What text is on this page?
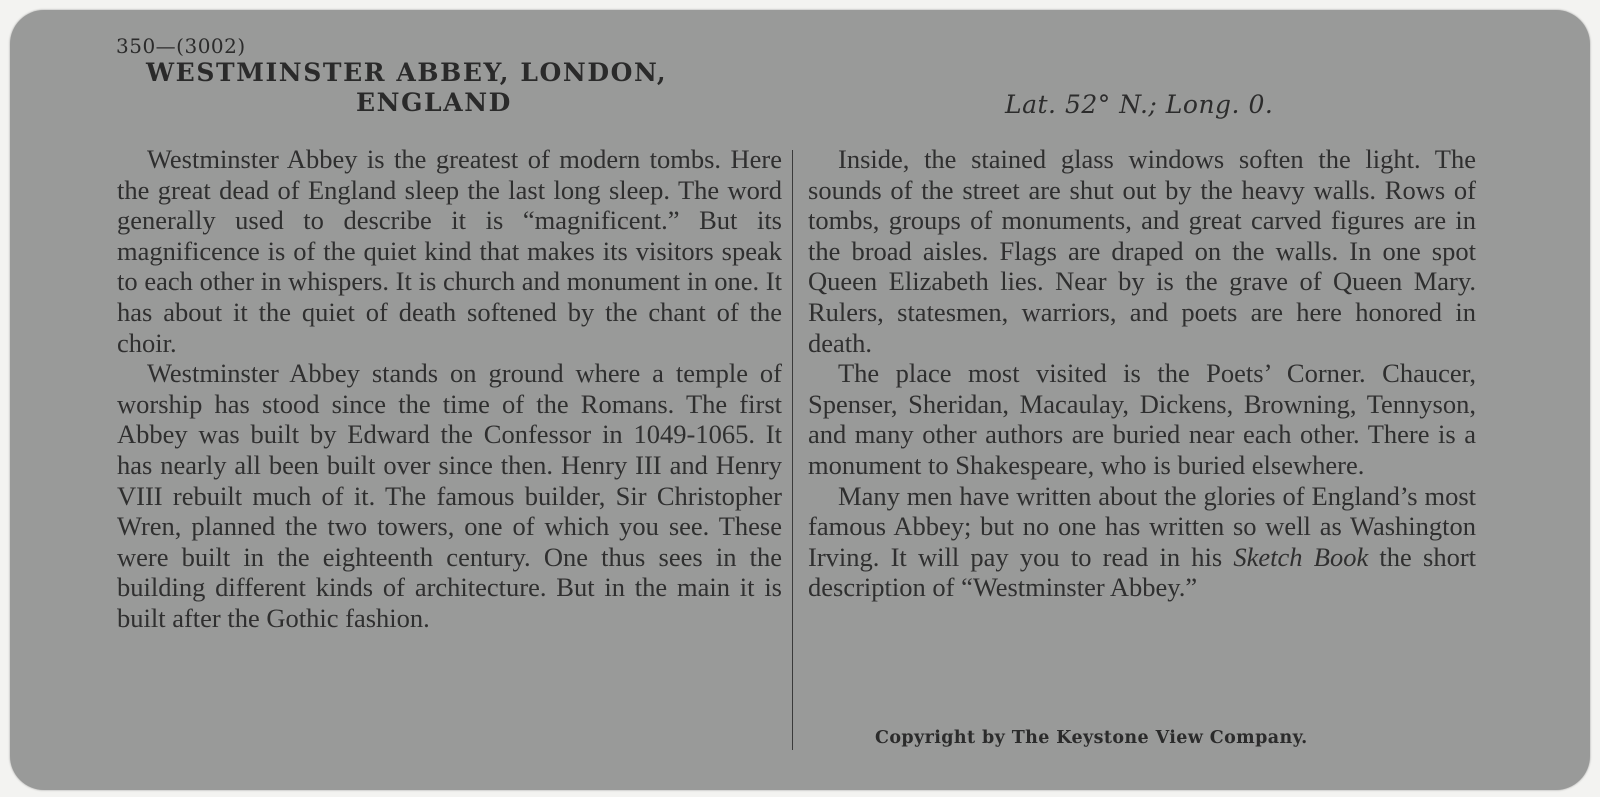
350—(3002)

WESTMINSTER ABBEY, LONDON,
ENGLAND	Lat. 52° N.; Long. 0.

Westminster Abbey is the greatest of modern tombs. Here the great dead of England sleep the last long sleep. The word generally used to describe it is “magnificent.” But its magnificence is of the quiet kind that makes its visitors speak to each other in whispers. It is church and monument in one. It has about it the quiet of death softened by the chant of the choir.

Westminster Abbey stands on ground where a temple of worship has stood since the time of the Romans. The first Abbey was built by Edward the Confessor in 1049-1065. It has nearly all been built over since then. Henry III and Henry VIII rebuilt much of it. The famous builder, Sir Christopher Wren, planned the two towers, one of which you see. These were built in the eighteenth century. One thus sees in the building different kinds of architecture. But in the main it is built after the Gothic fashion.

Inside, the stained glass windows soften the light. The sounds of the street are shut out by the heavy walls. Rows of tombs, groups of monuments, and great carved figures are in the broad aisles. Flags are draped on the walls. In one spot Queen Elizabeth lies. Near by is the grave of Queen Mary. Rulers, statesmen, warriors, and poets are here honored in death.

The place most visited is the Poets’ Corner. Chaucer, Spenser, Sheridan, Macaulay, Dickens, Browning, Tennyson, and many other authors are buried near each other. There is a monument to Shakespeare, who is buried elsewhere.

Many men have written about the glories of England’s most famous Abbey; but no one has written so well as Washington Irving. It will pay you to read in his Sketch Book the short description of “Westminster Abbey.”

Copyright by The Keystone View Company.
